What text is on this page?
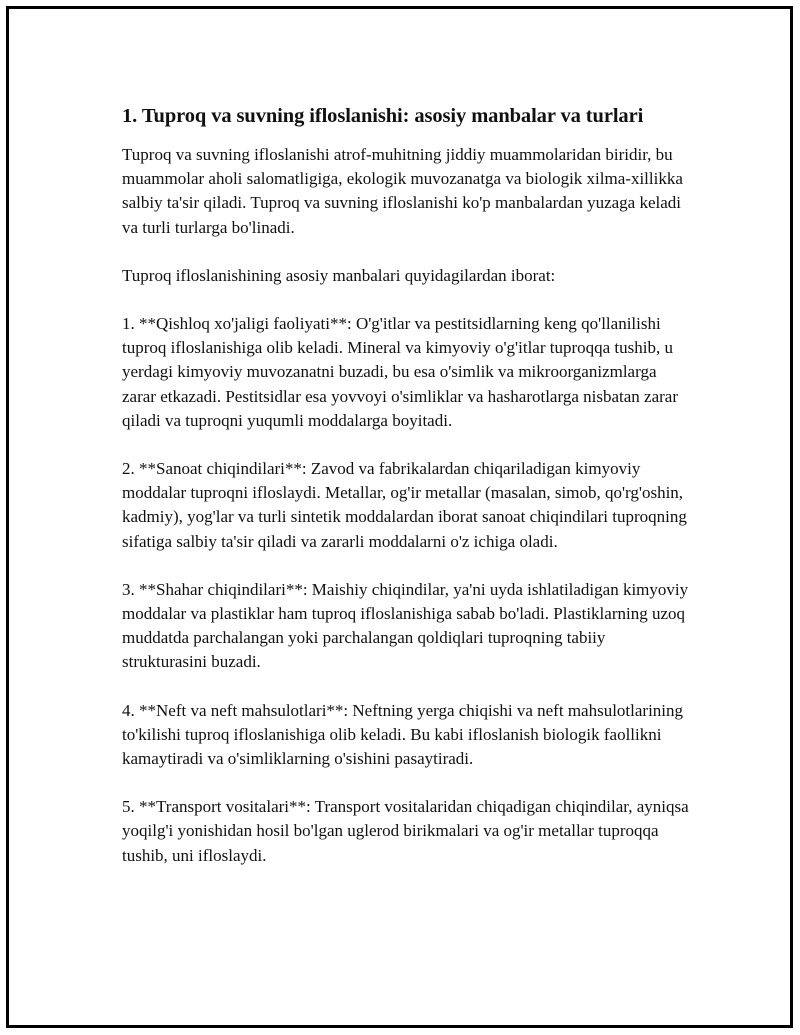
1. Tuproq va suvning ifloslanishi: asosiy manbalar va turlari

Tuproq va suvning ifloslanishi atrof-muhitning jiddiy muammolaridan biridir, bu muammolar aholi salomatligiga, ekologik muvozanatga va biologik xilma-xillikka salbiy ta'sir qiladi. Tuproq va suvning ifloslanishi ko'p manbalardan yuzaga keladi va turli turlarga bo'linadi.

Tuproq ifloslanishining asosiy manbalari quyidagilardan iborat:

1. **Qishloq xo'jaligi faoliyati**: O'g'itlar va pestitsidlarning keng qo'llanilishi tuproq ifloslanishiga olib keladi. Mineral va kimyoviy o'g'itlar tuproqqa tushib, u yerdagi kimyoviy muvozanatni buzadi, bu esa o'simlik va mikroorganizmlarga zarar etkazadi. Pestitsidlar esa yovvoyi o'simliklar va hasharotlarga nisbatan zarar qiladi va tuproqni yuqumli moddalarga boyitadi.

2. **Sanoat chiqindilari**: Zavod va fabrikalardan chiqariladigan kimyoviy moddalar tuproqni ifloslaydi. Metallar, og'ir metallar (masalan, simob, qo'rg'oshin, kadmiy), yog'lar va turli sintetik moddalardan iborat sanoat chiqindilari tuproqning sifatiga salbiy ta'sir qiladi va zararli moddalarni o'z ichiga oladi.

3. **Shahar chiqindilari**: Maishiy chiqindilar, ya'ni uyda ishlatiladigan kimyoviy moddalar va plastiklar ham tuproq ifloslanishiga sabab bo'ladi. Plastiklarning uzoq muddatda parchalangan yoki parchalangan qoldiqlari tuproqning tabiiy strukturasini buzadi.

4. **Neft va neft mahsulotlari**: Neftning yerga chiqishi va neft mahsulotlarining to'kilishi tuproq ifloslanishiga olib keladi. Bu kabi ifloslanish biologik faollikni kamaytiradi va o'simliklarning o'sishini pasaytiradi.

5. **Transport vositalari**: Transport vositalaridan chiqadigan chiqindilar, ayniqsa yoqilg'i yonishidan hosil bo'lgan uglerod birikmalari va og'ir metallar tuproqqa tushib, uni ifloslaydi.
